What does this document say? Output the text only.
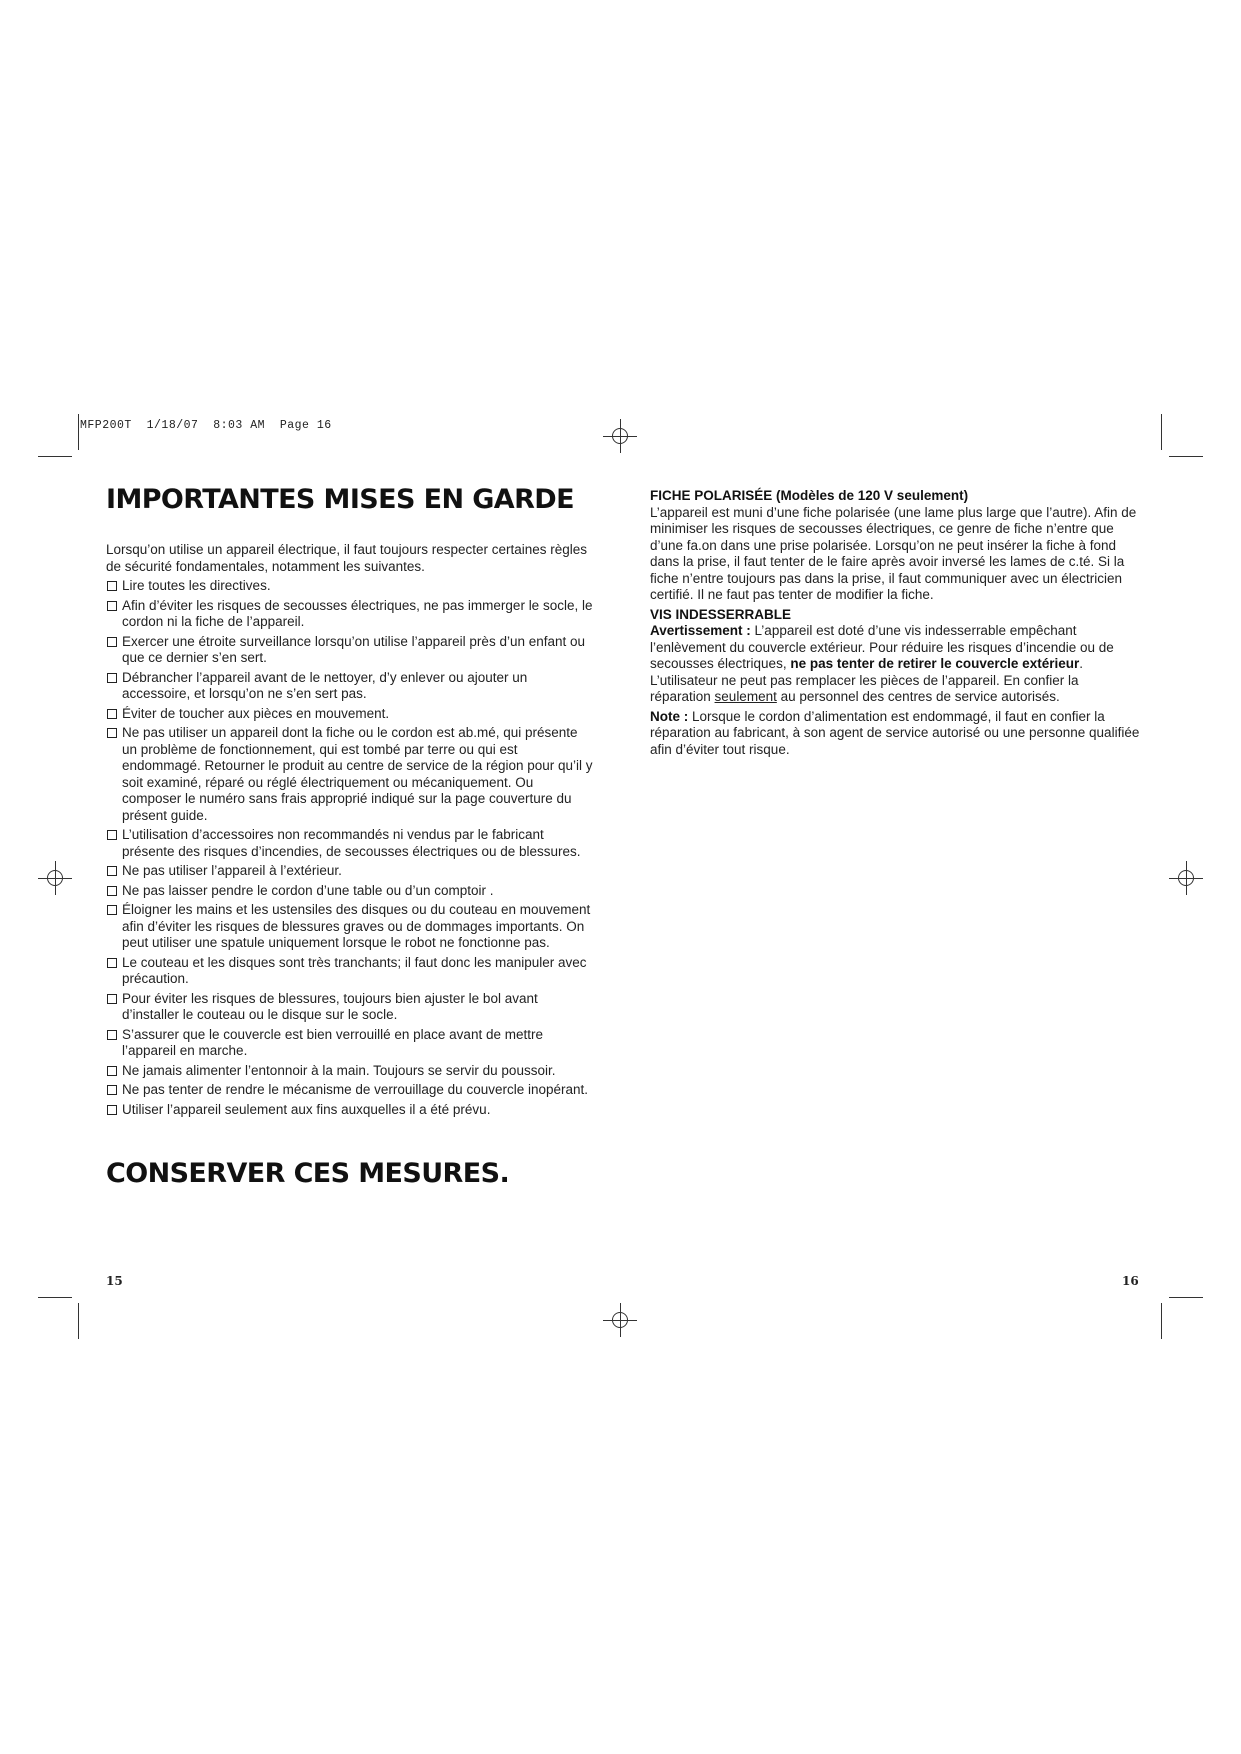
MFP200T  1/18/07  8:03 AM  Page 16
IMPORTANTES MISES EN GARDE

Lorsqu’on utilise un appareil électrique, il faut toujours respecter certaines règles de sécurité fondamentales, notamment les suivantes.

Lire toutes les directives.
Afin d’éviter les risques de secousses électriques, ne pas immerger le socle, le cordon ni la fiche de l’appareil.
Exercer une étroite surveillance lorsqu’on utilise l’appareil près d’un enfant ou que ce dernier s’en sert.
Débrancher l’appareil avant de le nettoyer, d’y enlever ou ajouter un accessoire, et lorsqu’on ne s’en sert pas.
Éviter de toucher aux pièces en mouvement.
Ne pas utiliser un appareil dont la fiche ou le cordon est ab.mé, qui présente un problème de fonctionnement, qui est tombé par terre ou qui est endommagé. Retourner le produit au centre de service de la région pour qu’il y soit examiné, réparé ou réglé électriquement ou mécaniquement. Ou composer le numéro sans frais approprié indiqué sur la page couverture du présent guide.
L’utilisation d’accessoires non recommandés ni vendus par le fabricant présente des risques d’incendies, de secousses électriques ou de blessures.
Ne pas utiliser l’appareil à l’extérieur.
Ne pas laisser pendre le cordon d’une table ou d’un comptoir .
Éloigner les mains et les ustensiles des disques ou du couteau en mouvement afin d’éviter les risques de blessures graves ou de dommages importants. On peut utiliser une spatule uniquement lorsque le robot ne fonctionne pas.
Le couteau et les disques sont très tranchants; il faut donc les manipuler avec précaution.
Pour éviter les risques de blessures, toujours bien ajuster le bol avant d’installer le couteau ou le disque sur le socle.
S’assurer que le couvercle est bien verrouillé en place avant de mettre l’appareil en marche.
Ne jamais alimenter l’entonnoir à la main. Toujours se servir du poussoir.
Ne pas tenter de rendre le mécanisme de verrouillage du couvercle inopérant.
Utiliser l’appareil seulement aux fins auxquelles il a été prévu.
CONSERVER CES MESURES.
15

FICHE POLARISÉE (Modèles de 120 V seulement)

L’appareil est muni d’une fiche polarisée (une lame plus large que l’autre). Afin de minimiser les risques de secousses électriques, ce genre de fiche n’entre que d’une fa.on dans une prise polarisée. Lorsqu’on ne peut insérer la fiche à fond dans la prise, il faut tenter de le faire après avoir inversé les lames de c.té. Si la fiche n’entre toujours pas dans la prise, il faut communiquer avec un électricien certifié. Il ne faut pas tenter de modifier la fiche.

VIS INDESSERRABLE

Avertissement : L’appareil est doté d’une vis indesserrable empêchant l’enlèvement du couvercle extérieur. Pour réduire les risques d’incendie ou de secousses électriques, ne pas tenter de retirer le couvercle extérieur. L’utilisateur ne peut pas remplacer les pièces de l’appareil. En confier la réparation seulement au personnel des centres de service autorisés.

Note : Lorsque le cordon d’alimentation est endommagé, il faut en confier la réparation au fabricant, à son agent de service autorisé ou une personne qualifiée afin d’éviter tout risque.

16
